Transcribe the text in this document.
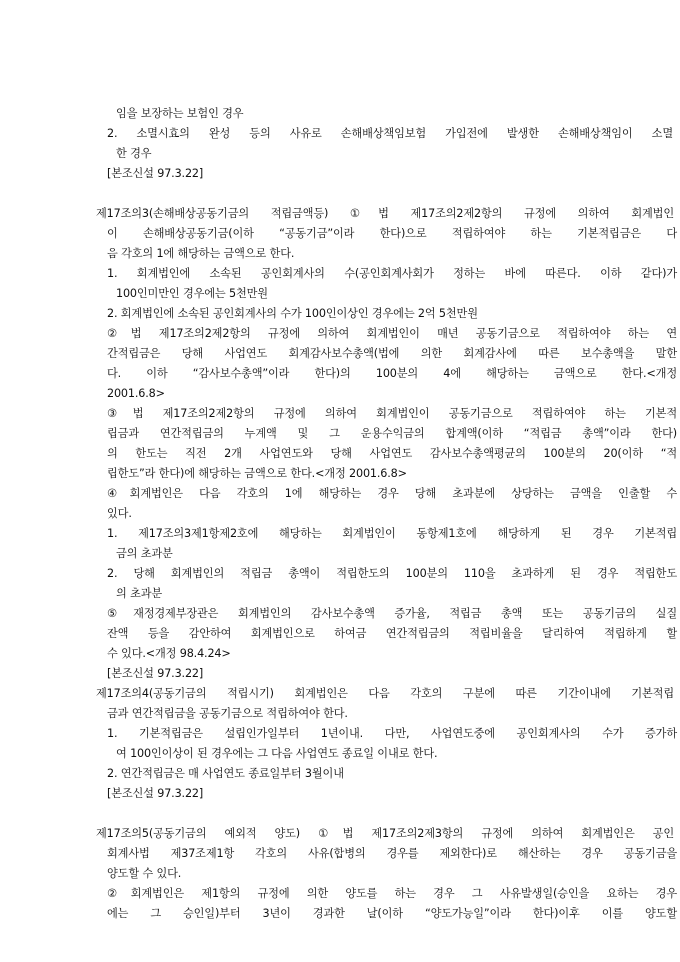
임을 보장하는 보험인 경우
2. 소멸시효의 완성 등의 사유로 손해배상책임보험 가입전에 발생한 손해배상책임이 소멸
한 경우
[본조신설 97.3.22]
제17조의3(손해배상공동기금의 적립금액등) ①법 제17조의2제2항의 규정에 의하여 회계법인
이 손해배상공동기금(이하 “공동기금”이라 한다)으로 적립하여야 하는 기본적립금은 다
음 각호의 1에 해당하는 금액으로 한다.
1. 회계법인에 소속된 공인회계사의 수(공인회계사회가 정하는 바에 따른다. 이하 같다)가
100인미만인 경우에는 5천만원
2. 회계법인에 소속된 공인회계사의 수가 100인이상인 경우에는 2억 5천만원
②법 제17조의2제2항의 규정에 의하여 회계법인이 매년 공동기금으로 적립하여야 하는 연
간적립금은 당해 사업연도 회계감사보수총액(법에 의한 회계감사에 따른 보수총액을 말한
다. 이하 “감사보수총액”이라 한다)의 100분의 4에 해당하는 금액으로 한다.<개정
2001.6.8>
③법 제17조의2제2항의 규정에 의하여 회계법인이 공동기금으로 적립하여야 하는 기본적
립금과 연간적립금의 누계액 및 그 운용수익금의 합계액(이하 “적립금 총액”이라 한다)
의 한도는 직전 2개 사업연도와 당해 사업연도 감사보수총액평균의 100분의 20(이하 “적
립한도”라 한다)에 해당하는 금액으로 한다.<개정 2001.6.8>
④회계법인은 다음 각호의 1에 해당하는 경우 당해 초과분에 상당하는 금액을 인출할 수
있다.
1. 제17조의3제1항제2호에 해당하는 회계법인이 동항제1호에 해당하게 된 경우 기본적립
금의 초과분
2. 당해 회계법인의 적립금 총액이 적립한도의 100분의 110을 초과하게 된 경우 적립한도
의 초과분
⑤재정경제부장관은 회계법인의 감사보수총액 증가율, 적립금 총액 또는 공동기금의 실질
잔액 등을 감안하여 회계법인으로 하여금 연간적립금의 적립비율을 달리하여 적립하게 할
수 있다.<개정 98.4.24>
[본조신설 97.3.22]
제17조의4(공동기금의 적립시기) 회계법인은 다음 각호의 구분에 따른 기간이내에 기본적립
금과 연간적립금을 공동기금으로 적립하여야 한다.
1. 기본적립금은 설립인가일부터 1년이내. 다만, 사업연도중에 공인회계사의 수가 증가하
여 100인이상이 된 경우에는 그 다음 사업연도 종료일 이내로 한다.
2. 연간적립금은 매 사업연도 종료일부터 3월이내
[본조신설 97.3.22]
제17조의5(공동기금의 예외적 양도) ①법 제17조의2제3항의 규정에 의하여 회계법인은 공인
회계사법 제37조제1항 각호의 사유(합병의 경우를 제외한다)로 해산하는 경우 공동기금을
양도할 수 있다.
②회계법인은 제1항의 규정에 의한 양도를 하는 경우 그 사유발생일(승인을 요하는 경우
에는 그 승인일)부터 3년이 경과한 날(이하 “양도가능일”이라 한다)이후 이를 양도할
